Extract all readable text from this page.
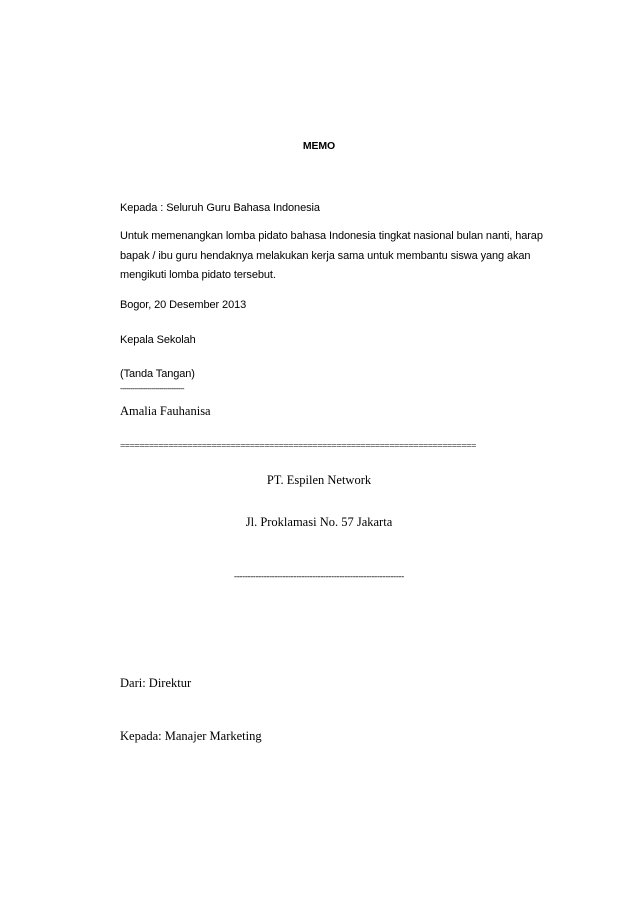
MEMO
Kepada : Seluruh Guru Bahasa Indonesia

Untuk memenangkan lomba pidato bahasa Indonesia tingkat nasional bulan nanti, harap

bapak / ibu guru hendaknya melakukan kerja sama untuk membantu siswa yang akan

mengikuti lomba pidato tersebut.

Bogor, 20 Desember 2013
Kepala Sekolah
(Tanda Tangan)
-------------------------------
Amalia Fauhanisa
==========================================================================
PT. Espilen Network
Jl. Proklamasi No. 57 Jakarta
---------------------------------------------------------------
Dari: Direktur
Kepada: Manajer Marketing
